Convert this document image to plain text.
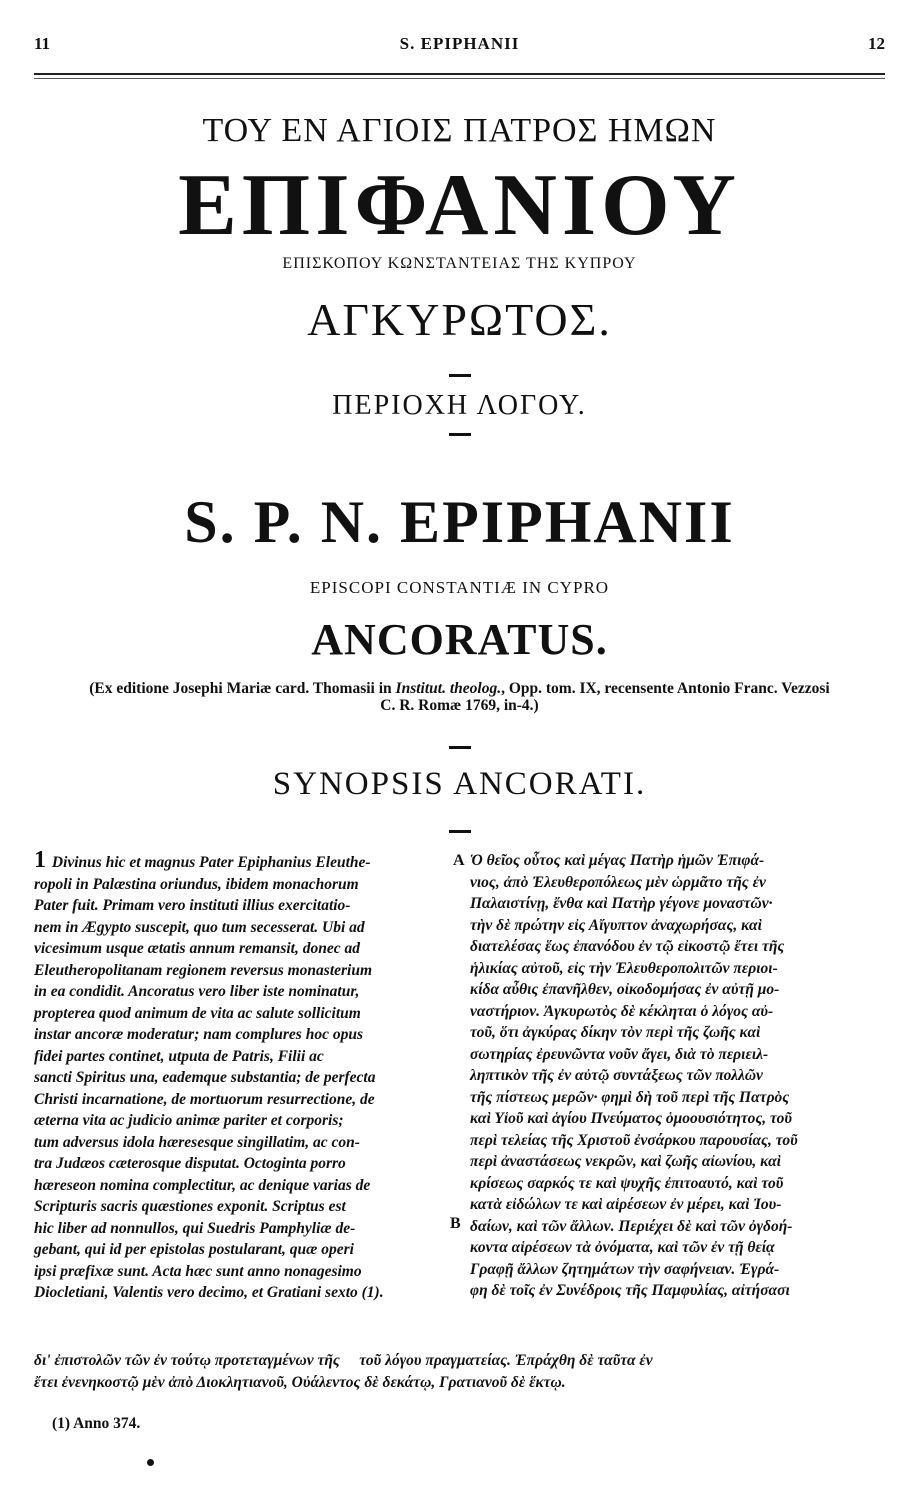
11	S. EPIPHANII	12
ΤΟΥ ΕΝ ΑΓΙΟΙΣ ΠΑΤΡΟΣ ΗΜΩΝ
ΕΠΙΦΑΝΙΟΥ
ΕΠΙΣΚΟΠΟΥ ΚΩΝΣΤΑΝΤΕΙΑΣ ΤΗΣ ΚΥΠΡΟΥ
ΑΓΚΥΡΩΤΟΣ.
ΠΕΡΙΟΧΗ ΛΟΓΟΥ.
S. P. N. EPIPHANII
EPISCOPI CONSTANTIÆ IN CYPRO
ANCORATUS.
(Ex editione Josephi Mariæ card. Thomasii in Institut. theolog., Opp. tom. IX, recensente Antonio Franc. Vezzosi
C. R. Romæ 1769, in-4.)
SYNOPSIS ANCORATI.
1 Divinus hic et magnus Pater Epiphanius Eleuthe-
ropoli in Palæstina oriundus, ibidem monachorum
Pater fuit. Primam vero instituti illius exercitatio-
nem in Ægypto suscepit, quo tum secesserat. Ubi ad
vicesimum usque ætatis annum remansit, donec ad
Eleutheropolitanam regionem reversus monasterium
in ea condidit. Ancoratus vero liber iste nominatur,
propterea quod animum de vita ac salute sollicitum
instar ancoræ moderatur; nam complures hoc opus
fidei partes continet, utputa de Patris, Filii ac
sancti Spiritus una, eademque substantia; de perfecta
Christi incarnatione, de mortuorum resurrectione, de
æterna vita ac judicio animæ pariter et corporis;
tum adversus idola hæresesque singillatim, ac con-
tra Judæos cæterosque disputat. Octoginta porro
hæreseon nomina complectitur, ac denique varias de
Scripturis sacris quæstiones exponit. Scriptus est
hic liber ad nonnullos, qui Suedris Pamphyliæ de-
gebant, qui id per epistolas postularant, quæ operi
ipsi præfixæ sunt. Acta hæc sunt anno nonagesimo
Diocletiani, Valentis vero decimo, et Gratiani sexto (1).
A
B
Ὁ θεῖος οὗτος καὶ μέγας Πατὴρ ἡμῶν Ἐπιφά-
νιος, ἀπὸ Ἐλευθεροπόλεως μὲν ὡρμᾶτο τῆς ἐν
Παλαιστίνῃ, ἔνθα καὶ Πατὴρ γέγονε μοναστῶν·
τὴν δὲ πρώτην εἰς Αἴγυπτον ἀναχωρήσας, καὶ
διατελέσας ἕως ἐπανόδου ἐν τῷ εἰκοστῷ ἔτει τῆς
ἡλικίας αὐτοῦ, εἰς τὴν Ἐλευθεροπολιτῶν περιοι-
κίδα αὖθις ἐπανῆλθεν, οἰκοδομήσας ἐν αὐτῇ μο-
ναστήριον. Ἀγκυρωτὸς δὲ κέκληται ὁ λόγος αὐ-
τοῦ, ὅτι ἀγκύρας δίκην τὸν περὶ τῆς ζωῆς καὶ
σωτηρίας ἐρευνῶντα νοῦν ἄγει, διὰ τὸ περιειλ-
ληπτικὸν τῆς ἐν αὐτῷ συντάξεως τῶν πολλῶν
τῆς πίστεως μερῶν· φημὶ δὴ τοῦ περὶ τῆς Πατρὸς
καὶ Υἱοῦ καὶ ἁγίου Πνεύματος ὁμοουσιότητος, τοῦ
περὶ τελείας τῆς Χριστοῦ ἐνσάρκου παρουσίας, τοῦ
περὶ ἀναστάσεως νεκρῶν, καὶ ζωῆς αἰωνίου, καὶ
κρίσεως σαρκός τε καὶ ψυχῆς ἐπιτοαυτό, καὶ τοῦ
κατὰ εἰδώλων τε καὶ αἱρέσεων ἐν μέρει, καὶ Ἰου-
δαίων, καὶ τῶν ἄλλων. Περιέχει δὲ καὶ τῶν ὀγδοή-
κοντα αἱρέσεων τὰ ὀνόματα, καὶ τῶν ἐν τῇ θείᾳ
Γραφῇ ἄλλων ζητημάτων τὴν σαφήνειαν. Ἐγρά-
φη δὲ τοῖς ἐν Συνέδροις τῆς Παμφυλίας, αἰτήσασι
δι' ἐπιστολῶν τῶν ἐν τούτῳ προτεταγμένων τῆς     τοῦ λόγου πραγματείας. Ἐπράχθη δὲ ταῦτα ἐν
ἔτει ἐνενηκοστῷ μὲν ἀπὸ Διοκλητιανοῦ, Οὐάλεντος δὲ δεκάτῳ, Γρατιανοῦ δὲ ἕκτῳ.
(1) Anno 374.
